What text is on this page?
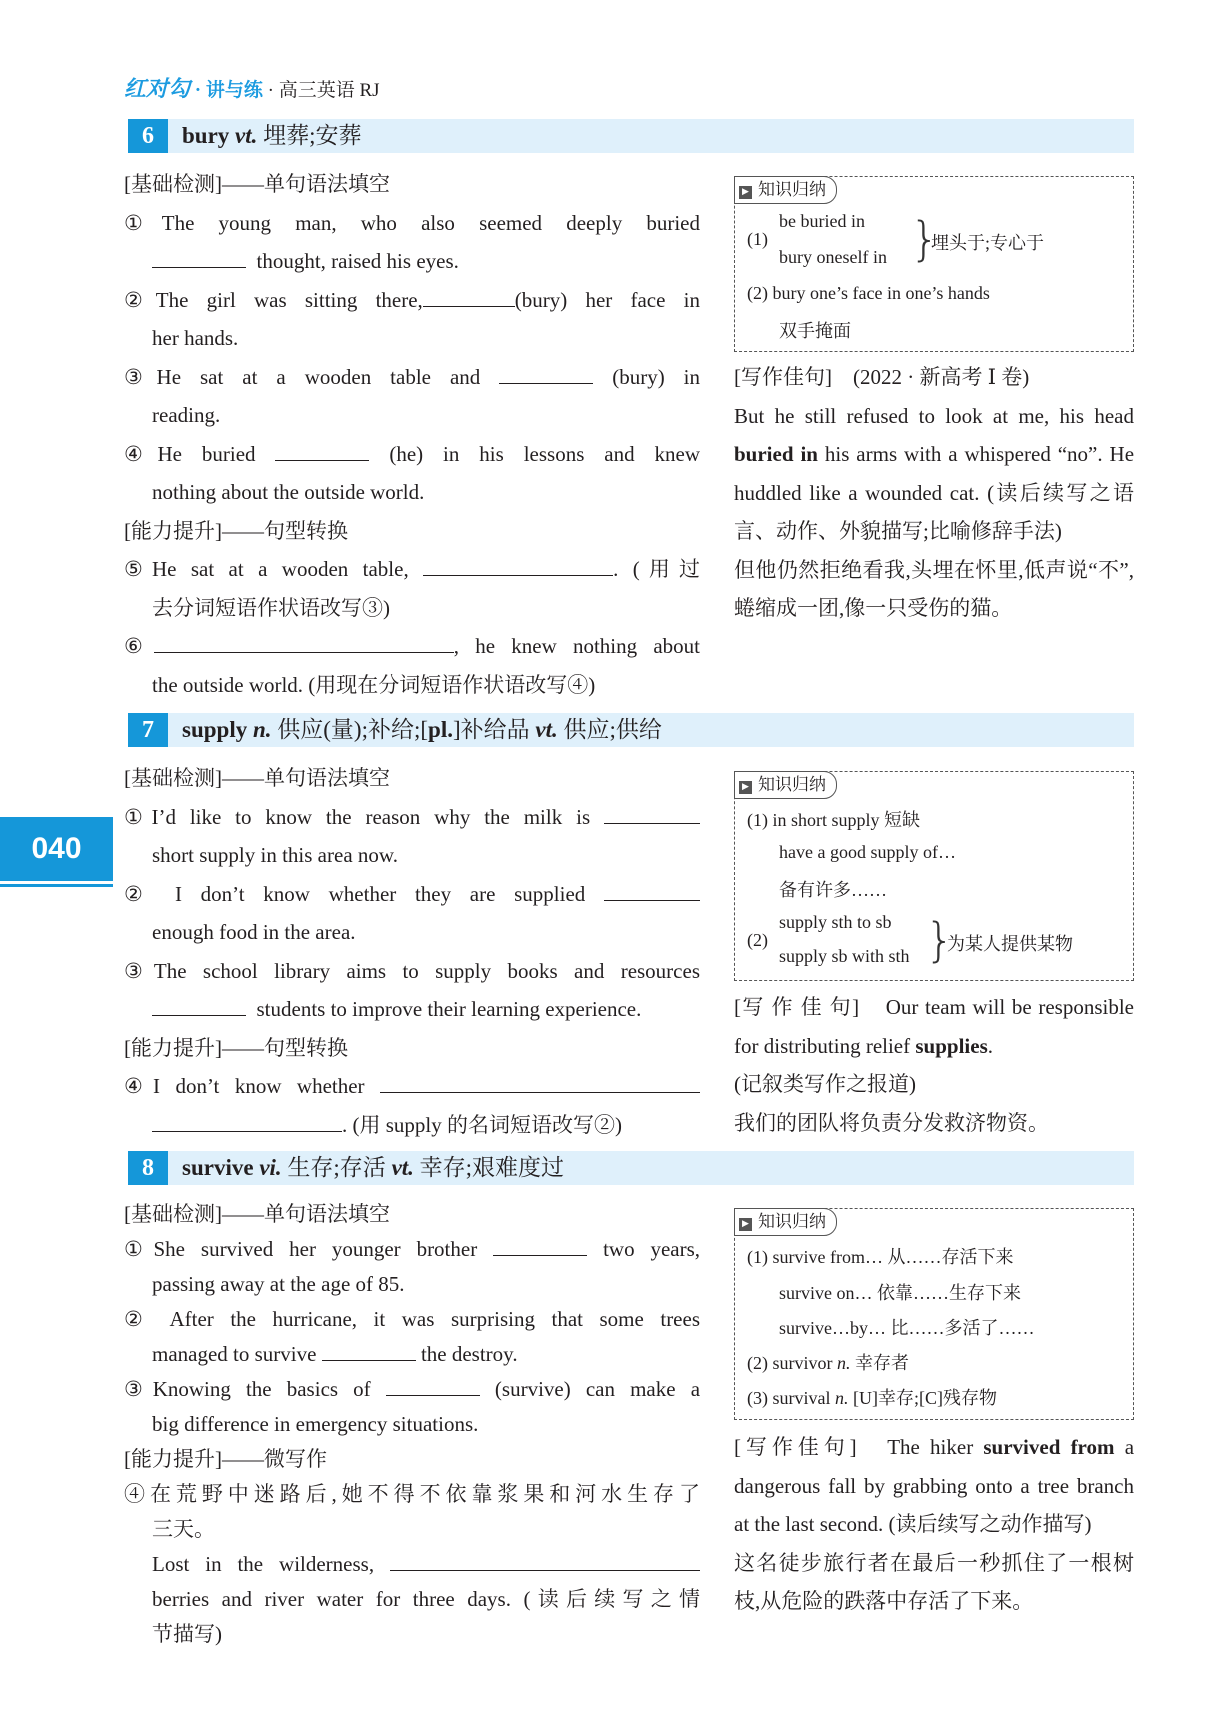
红对勾 · 讲与练 · 高三英语 RJ
040
6	bury vt. 埋葬;安葬

[基础检测]——单句语法填空

①The young man, who also seemed deeply buried

thought, raised his eyes.

②The girl was sitting there,	(bury) her face in

her hands.

③He sat at a wooden table and	(bury) in

reading.

④He buried	(he) in his lessons and knew

nothing about the outside world.

[能力提升]——句型转换

⑤He sat at a wooden table,	. (用过

去分词短语作状语改写③)

⑥	, he knew nothing about

the outside world. (用现在分词短语作状语改写④)

▶ 知识归纳
(1)
be buried in
bury oneself in }
埋头于;专心于
(2) bury one’s face in one’s hands
双手掩面

[写作佳句] (2022 · 新高考 Ⅰ 卷)

But he still refused to look at me, his head buried in his arms with a whispered “no”. He huddled like a wounded cat. (读后续写之语言、动作、外貌描写;比喻修辞手法)

但他仍然拒绝看我,头埋在怀里,低声说“不”,蜷缩成一团,像一只受伤的猫。

7	supply n. 供应(量);补给;[pl.]补给品 vt. 供应;供给

[基础检测]——单句语法填空

①I’d like to know the reason why the milk is

short supply in this area now.

② I don’t know whether they are supplied

enough food in the area.

③The school library aims to supply books and resources

students to improve their learning experience.

[能力提升]——句型转换

④I don’t know whether

. (用 supply 的名词短语改写②)

▶ 知识归纳
(1) in short supply 短缺
have a good supply of…
备有许多……
(2)
supply sth to sb
supply sb with sth }
为某人提供某物

[写 作 佳 句] Our team will be responsible for distributing relief supplies.

(记叙类写作之报道)

我们的团队将负责分发救济物资。

8	survive vi. 生存;存活 vt. 幸存;艰难度过

[基础检测]——单句语法填空

①She survived her younger brother	two years,

passing away at the age of 85.

② After the hurricane, it was surprising that some trees

managed to survive	the destroy.

③Knowing the basics of	(survive) can make a

big difference in emergency situations.

[能力提升]——微写作

④在荒野中迷路后,她不得不依靠浆果和河水生存了

三天。

Lost in the wilderness,

berries and river water for three days. (读后续写之情

节描写)

▶ 知识归纳
(1) survive from… 从……存活下来
survive on… 依靠……生存下来
survive…by… 比……多活了……
(2) survivor n. 幸存者
(3) survival n. [U]幸存;[C]残存物

[写作佳句] The hiker survived from a dangerous fall by grabbing onto a tree branch at the last second. (读后续写之动作描写)

这名徒步旅行者在最后一秒抓住了一根树枝,从危险的跌落中存活了下来。
